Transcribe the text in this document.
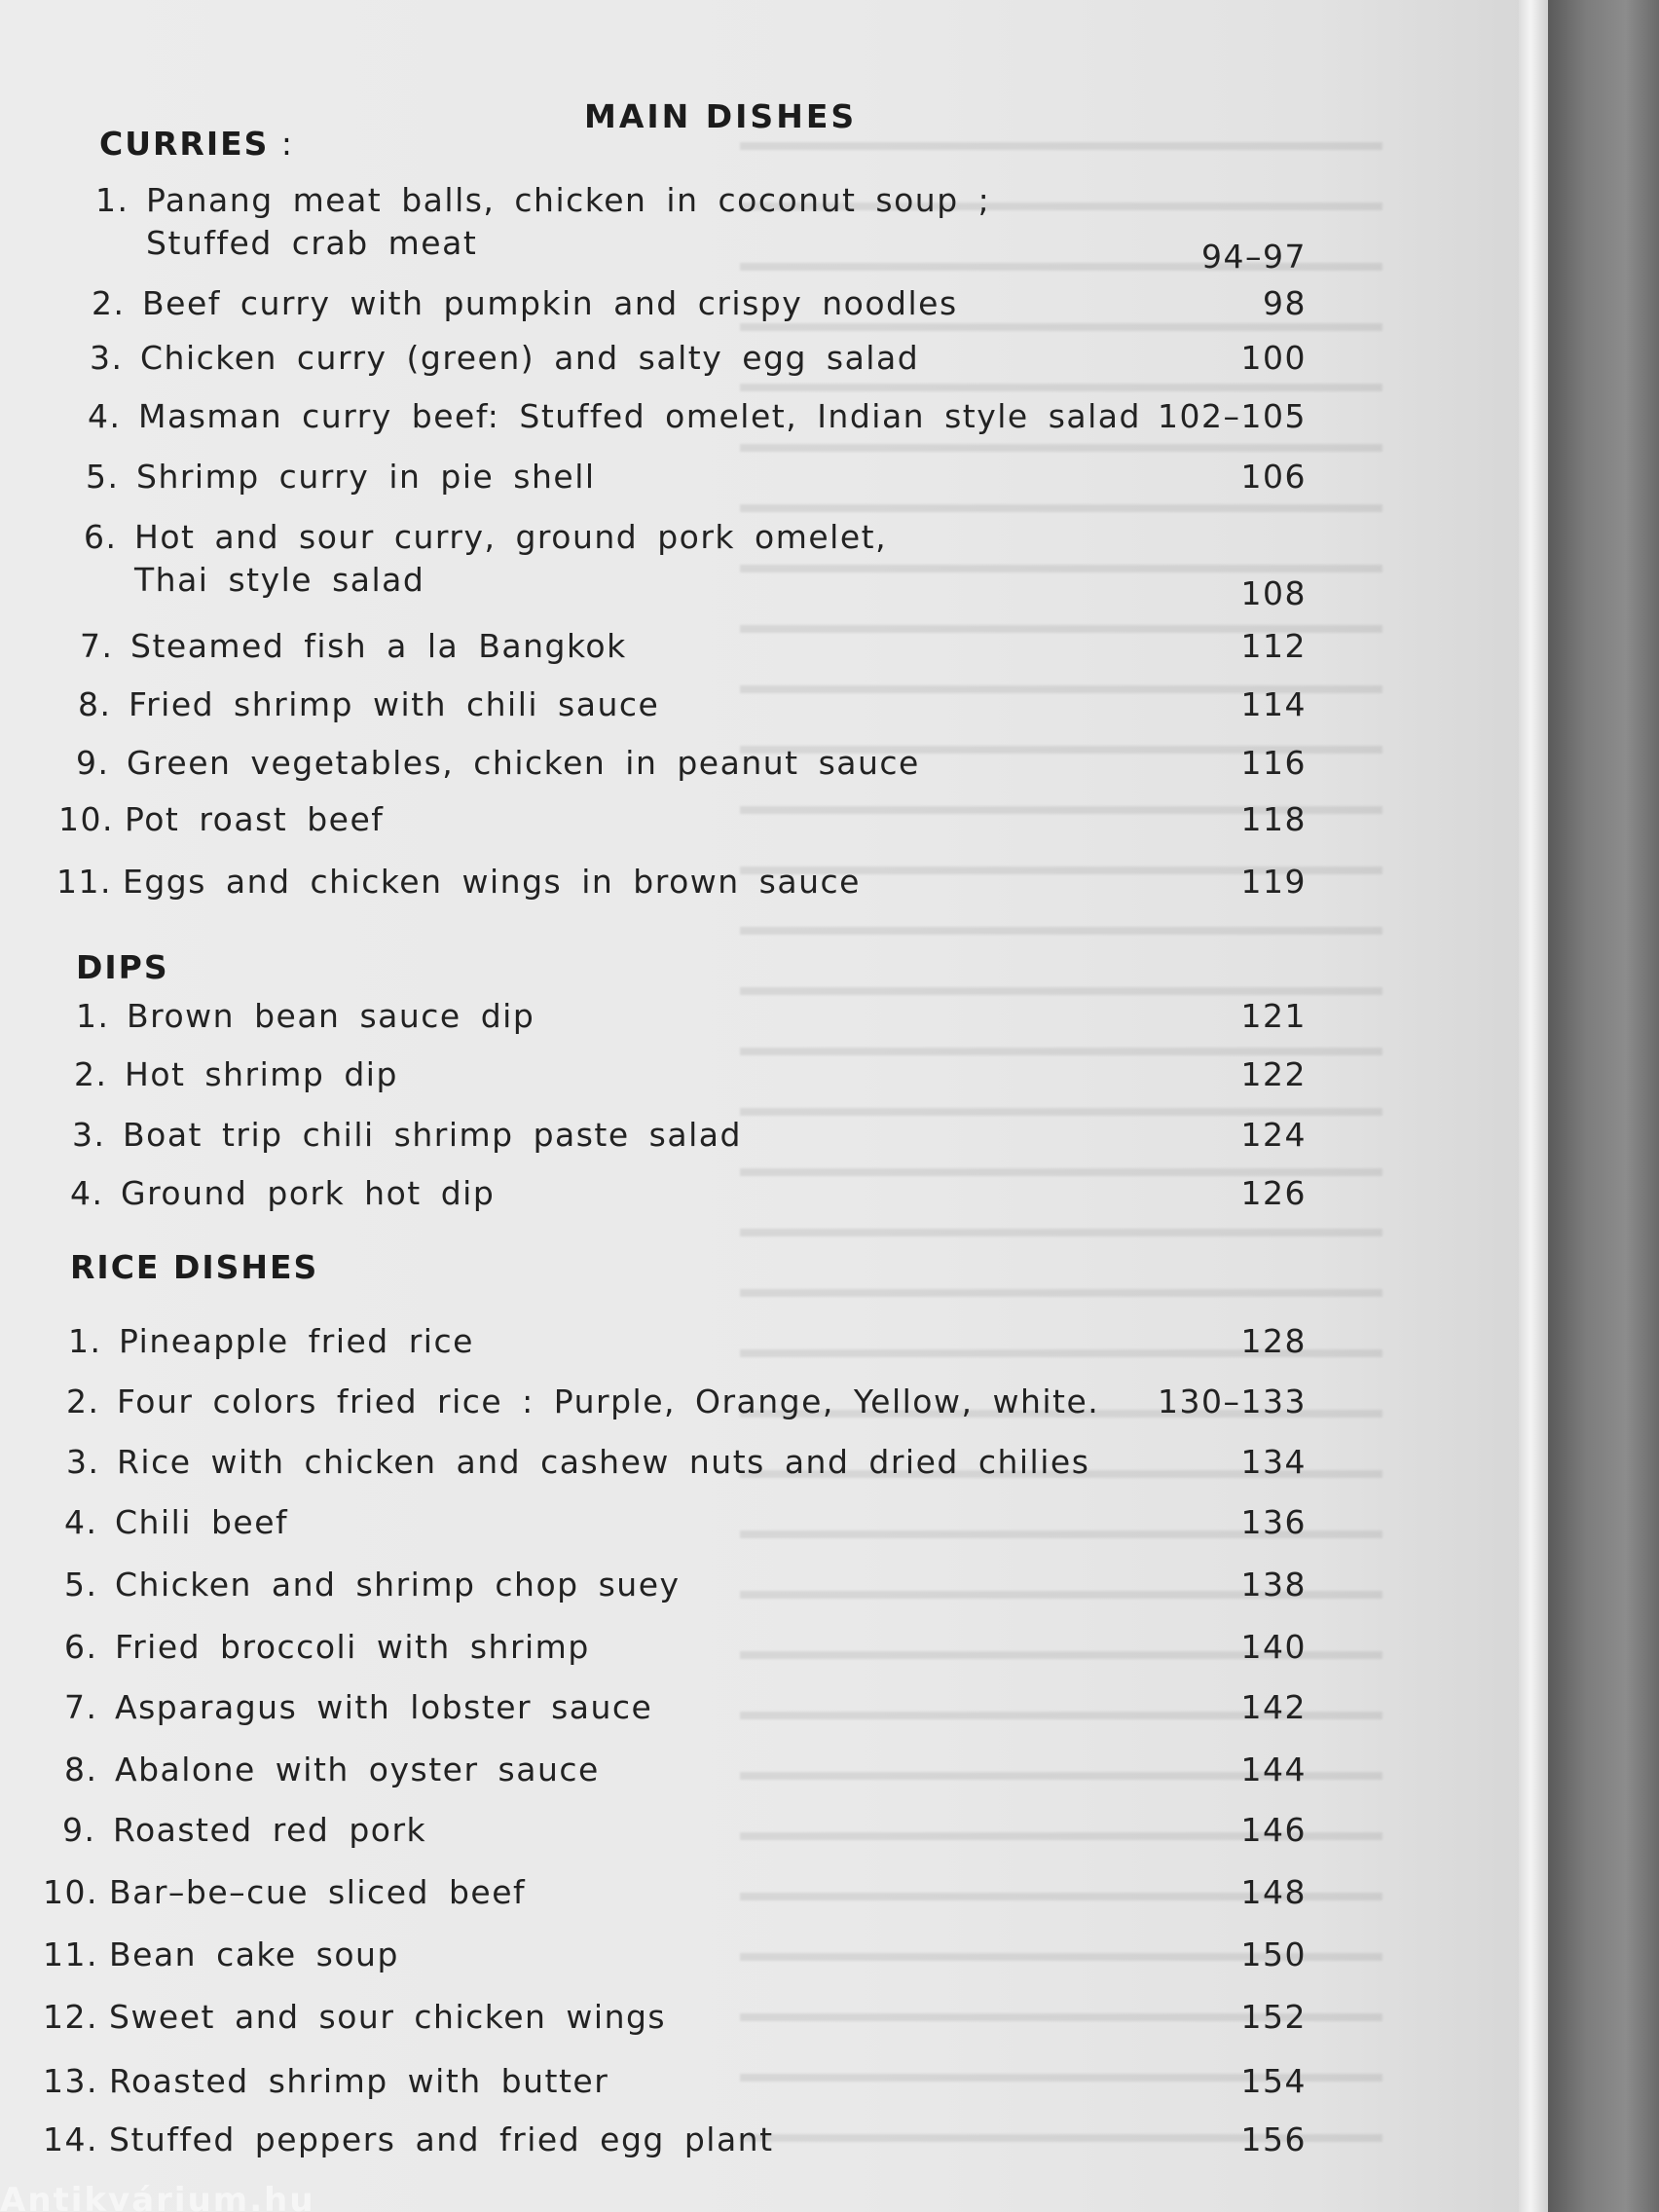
MAIN DISHES
CURRIES :
1. Panang meat balls, chicken in coconut soup ;
Stuffed crab meat	94–97
2. Beef curry with pumpkin and crispy noodles	98
3. Chicken curry (green) and salty egg salad	100
4. Masman curry beef: Stuffed omelet, Indian style salad 102–105
5. Shrimp curry in pie shell	106
6. Hot and sour curry, ground pork omelet,
Thai style salad	108
7. Steamed fish a la Bangkok	112
8. Fried shrimp with chili sauce	114
9. Green vegetables, chicken in peanut sauce	116
10. Pot roast beef	118
11. Eggs and chicken wings in brown sauce	119
DIPS
1. Brown bean sauce dip	121
2. Hot shrimp dip	122
3. Boat trip chili shrimp paste salad	124
4. Ground pork hot dip	126
RICE DISHES
1. Pineapple fried rice	128
2. Four colors fried rice : Purple, Orange, Yellow, white. 130–133
3. Rice with chicken and cashew nuts and dried chilies	134
4. Chili beef	136
5. Chicken and shrimp chop suey	138
6. Fried broccoli with shrimp	140
7. Asparagus with lobster sauce	142
8. Abalone with oyster sauce	144
9. Roasted red pork	146
10. Bar–be–cue sliced beef	148
11. Bean cake soup	150
12. Sweet and sour chicken wings	152
13. Roasted shrimp with butter	154
14. Stuffed peppers and fried egg plant	156
Antikvárium.hu
